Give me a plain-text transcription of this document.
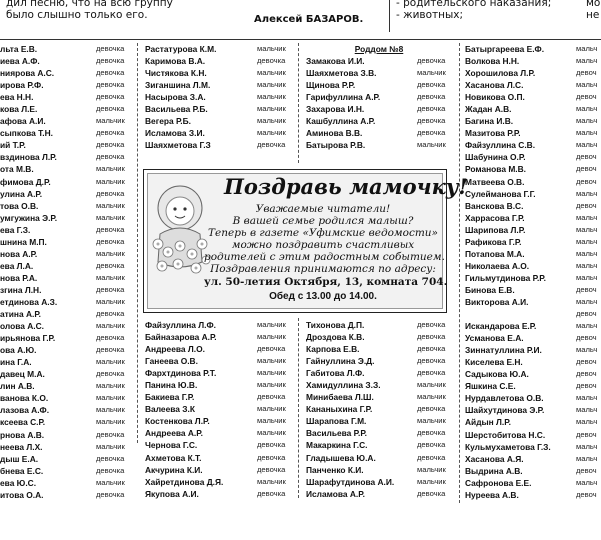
дил песню, что на всю группу
было слышно только его.	Алексей БАЗАРОВ.
- родительского наказания;
- животных;
мо
не
льта Е.В.	девочка
иева А.Ф.	девочка
ниярова А.С.	девочка
ирова Р.Ф.	девочка
ева Н.Н.	девочка
кова Л.Е.	девочка
афова А.И.	мальчик
сыпкова Т.Н.	девочка
ий Т.Р.	девочка
вздинова Л.Р.	девочка
ота М.В.	мальчик
фимова Д.Р.	мальчик
улина А.Р.	девочка
това О.В.	мальчик
умгужина Э.Р.	мальчик
ева Г.З.	девочка
шнина М.П.	девочка
нова А.Р.	мальчик
ева Л.А.	девочка
нова Р.А.	мальчик
згина Л.Н.	девочка
етдинова А.З.	мальчик
атина А.Р.	девочка
олова А.С.	мальчик
ирьянова Г.Р.	девочка
ова А.Ю.	девочка
ина Г.А.	мальчик
давец М.А.	девочка
лин А.В.	мальчик
ванова К.О.	мальчик
лазова А.Ф.	мальчик
ксеева С.Р.	мальчик
рнова А.В.	девочка
неева Л.Х.	мальчик
дыш Е.А.	девочка
бнева Е.С.	девочка
ева Ю.С.	мальчик
итова О.А.	девочка
Растатурова К.М.	мальчик
Каримова В.А.	девочка
Чистякова К.Н.	мальчик
Зиганшина Л.М.	мальчик
Насырова З.А.	мальчик
Васильева Р.Б.	мальчик
Вегера Р.Б.	мальчик
Исламова З.И.	мальчик
Шаяхметова Г.З	девочка
Файзуллина Л.Ф.	мальчик
Байназарова А.Р.	мальчик
Андреева Л.О.	девочка
Ганеева О.В.	мальчик
Фархтдинова Р.Т.	мальчик
Панина Ю.В.	мальчик
Бакиева Г.Р.	девочка
Валеева З.К	мальчик
Костенкова Л.Р.	мальчик
Андреева А.Р.	мальчик
Чернова Г.С.	девочка
Ахметова К.Т.	девочка
Акчурина К.И.	девочка
Хайретдинова Д.Я.	мальчик
Якупова А.И.	девочка
Роддом №8
Замакова И.И.	девочка
Шаяхметова З.В.	мальчик
Щинова Р.Р.	девочка
Гарифуллина А.Р.	девочка
Захарова И.Н.	девочка
Кашбуллина А.Р.	девочка
Аминова В.В.	девочка
Батырова Р.В.	мальчик
Тихонова Д.П.	девочка
Дроздова К.В.	девочка
Карпова Е.В.	девочка
Гайнуллина Э.Д.	девочка
Габитова Л.Ф.	девочка
Хамидуллина З.З.	мальчик
Минибаева Л.Ш.	мальчик
Кананыхина Г.Р.	девочка
Шарапова Г.М.	мальчик
Васильева Р.Р.	девочка
Макаркина Г.С.	девочка
Гладышева Ю.А.	девочка
Панченко К.И.	мальчик
Шарафутдинова А.И.	мальчик
Исламова А.Р.	девочка
Батыргареева Е.Ф.	мальч
Волкова Н.Н.	мальч
Хорошилова Л.Р.	девоч
Хасанова Л.С.	мальч
Новикова О.П.	девоч
Жадан А.В.	мальч
Багина И.В.	мальч
Мазитова Р.Р.	мальч
Файзуллина С.В.	мальч
Шабунина О.Р.	девоч
Романова М.В.	девоч
Матвеева О.В.	девоч
Сулейманова Г.Г.	мальч
Ванскова В.С.	девоч
Харрасова Г.Р.	мальч
Шарипова Л.Р.	мальч
Рафикова Г.Р.	мальч
Потапова М.А.	мальч
Николаева А.О.	мальч
Гильмутдинова Р.Р.	мальч
Бинова Е.В.	девоч
Викторова А.И.	мальч
девоч
Искандарова Е.Р.	мальч
Усманова Е.А.	девоч
Зиннатуллина Р.И.	мальч
Киселева Е.Н.	девоч
Садыкова Ю.А.	девоч
Яшкина С.Е.	девоч
Нурдавлетова О.В.	мальч
Шайхутдинова Э.Р.	мальч
Айдын Л.Р.	мальч
Шерстобитова Н.С.	девоч
Кульмухаметова Г.З.	мальч
Хасанова А.Я.	мальч
Выдрина А.В.	девоч
Сафронова Е.Е.	мальч
Нуреева А.В.	девоч
Поздравь мамочку!
Уважаемые читатели!
В вашей семье родился малыш?
Теперь в газете «Уфимские ведомости»
можно поздравить счастливых
родителей с этим радостным событием.
Поздравления принимаются по адресу:
ул. 50-летия Октября, 13, комната 704.
Обед с 13.00 до 14.00.
